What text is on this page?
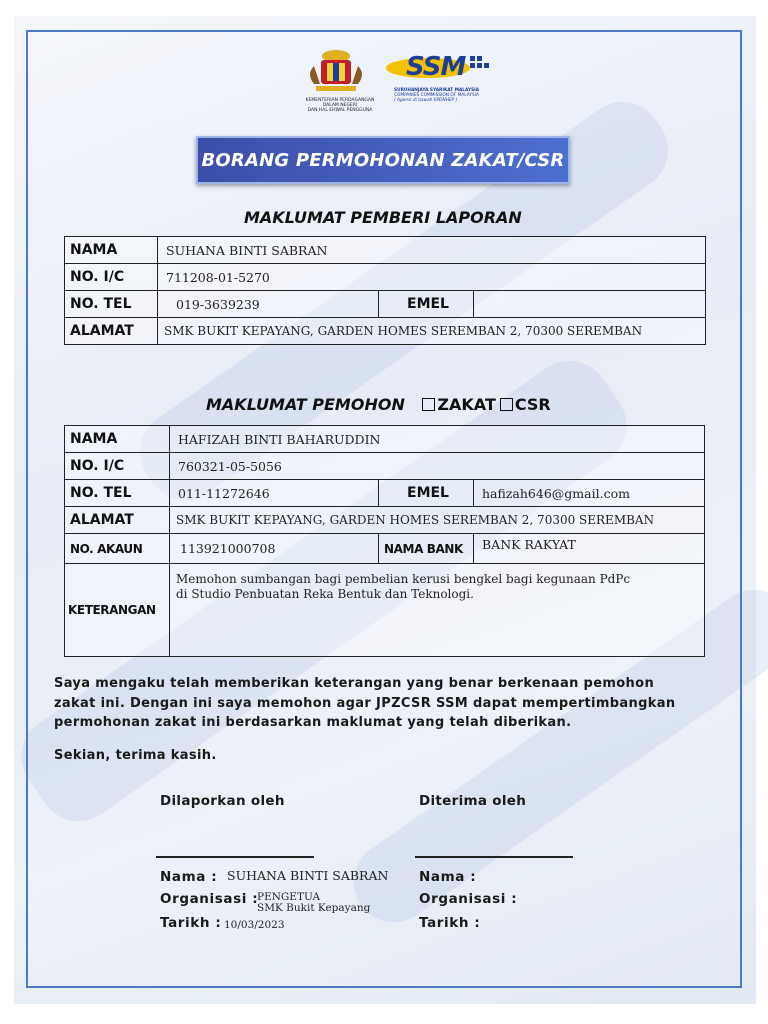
KEMENTERIAN PERDAGANGAN DALAM NEGERI
DAN HAL EHWAL PENGGUNA
SSM
SURUHANJAYA SYARIKAT MALAYSIA
COMPANIES COMMISSION OF MALAYSIA
( Agensi di bawah KPDNHEP )
BORANG PERMOHONAN ZAKAT/CSR
MAKLUMAT PEMBERI LAPORAN
NAMA	SUHANA BINTI SABRAN		
NO. I/C	711208-01-5270		
NO. TEL	019-3639239	EMEL	
ALAMAT	SMK BUKIT KEPAYANG, GARDEN HOMES SEREMBAN 2, 70300 SEREMBAN		
MAKLUMAT PEMOHON ZAKAT CSR
NAMA	HAFIZAH BINTI BAHARUDDIN		
NO. I/C	760321-05-5056		
NO. TEL	011-11272646	EMEL	hafizah646@gmail.com
ALAMAT	SMK BUKIT KEPAYANG, GARDEN HOMES SEREMBAN 2, 70300 SEREMBAN		
NO. AKAUN	113921000708	NAMA BANK	BANK RAKYAT
KETERANGAN	Memohon sumbangan bagi pembelian kerusi bengkel bagi kegunaan PdPc
di Studio Penbuatan Reka Bentuk dan Teknologi.		
Saya mengaku telah memberikan keterangan yang benar berkenaan pemohon
zakat ini. Dengan ini saya memohon agar JPZCSR SSM dapat mempertimbangkan
permohonan zakat ini berdasarkan maklumat yang telah diberikan.
Sekian, terima kasih.
Dilaporkan oleh	Diterima oleh
Nama : SUHANA BINTI SABRAN
Organisasi :
PENGETUA
SMK Bukit Kepayang
Tarikh : 10/03/2023
Nama :
Organisasi :
Tarikh :
